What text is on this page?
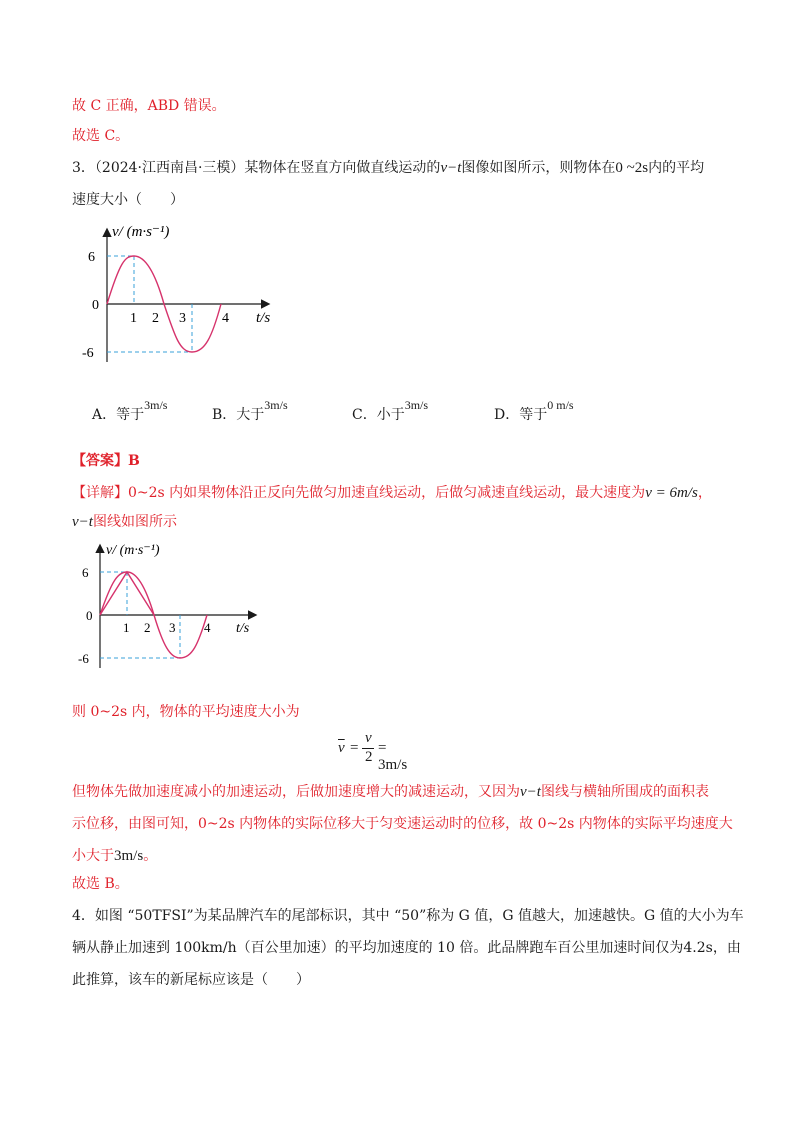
故 C 正确，ABD 错误。
故选 C。
3．（2024·江西南昌·三模）某物体在竖直方向做直线运动的v−t图像如图所示，则物体在0 ~2s内的平均
速度大小（　　）
v/ (m·s⁻¹)
6
0
-6
1 2 3	4 t/s
A．等于3m/s
B．大于3m/s
C．小于3m/s
D．等于0 m/s
【答案】B
【详解】0~2s 内如果物体沿正反向先做匀加速直线运动，后做匀减速直线运动，最大速度为v = 6m/s，
v−t图线如图所示
v/ (m·s⁻¹)
6
0
-6
1 2 3 4 t/s
则 0~2s 内，物体的平均速度大小为
$\overline{v}$ =
v
2
= 3m/s
但物体先做加速度减小的加速运动，后做加速度增大的减速运动，又因为v−t图线与横轴所围成的面积表
示位移，由图可知，0~2s 内物体的实际位移大于匀变速运动时的位移，故 0~2s 内物体的实际平均速度大
小大于3m/s。
故选 B。
4．如图 “50TFSI”为某品牌汽车的尾部标识，其中 “50”称为 G 值，G 值越大，加速越快。G 值的大小为车
辆从静止加速到 100km/h（百公里加速）的平均加速度的 10 倍。此品牌跑车百公里加速时间仅为4.2s，由
此推算，该车的新尾标应该是（　　）
